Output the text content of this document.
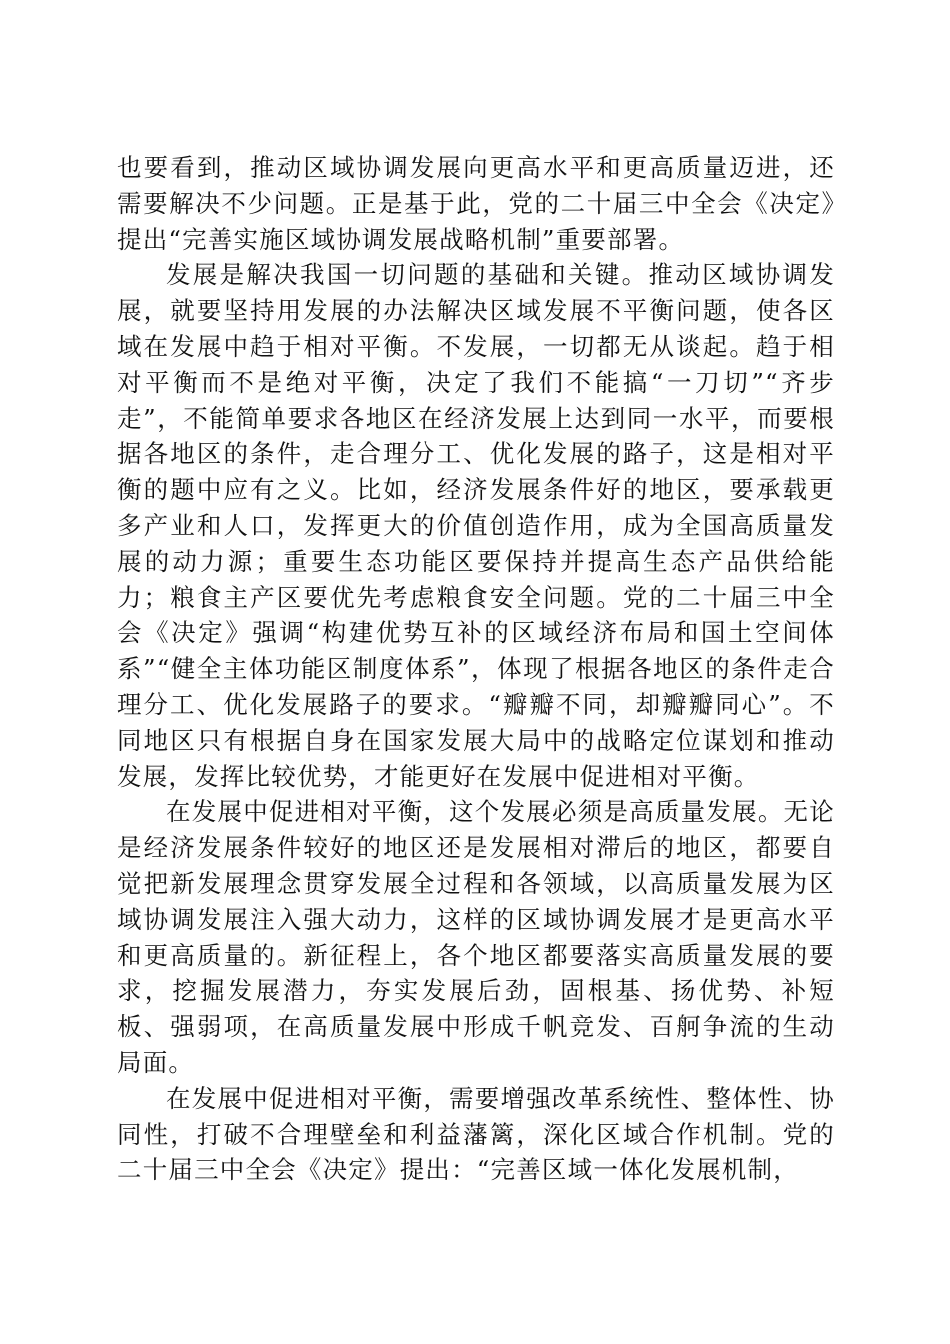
也要看到，推动区域协调发展向更高水平和更高质量迈进，还需要解决不少问题。正是基于此，党的二十届三中全会《决定》提出“完善实施区域协调发展战略机制”重要部署。

发展是解决我国一切问题的基础和关键。推动区域协调发展，就要坚持用发展的办法解决区域发展不平衡问题，使各区域在发展中趋于相对平衡。不发展，一切都无从谈起。趋于相对平衡而不是绝对平衡，决定了我们不能搞“一刀切”“齐步走”，不能简单要求各地区在经济发展上达到同一水平，而要根据各地区的条件，走合理分工、优化发展的路子，这是相对平衡的题中应有之义。比如，经济发展条件好的地区，要承载更多产业和人口，发挥更大的价值创造作用，成为全国高质量发展的动力源；重要生态功能区要保持并提高生态产品供给能力；粮食主产区要优先考虑粮食安全问题。党的二十届三中全会《决定》强调“构建优势互补的区域经济布局和国土空间体系”“健全主体功能区制度体系”，体现了根据各地区的条件走合理分工、优化发展路子的要求。“瓣瓣不同，却瓣瓣同心”。不同地区只有根据自身在国家发展大局中的战略定位谋划和推动发展，发挥比较优势，才能更好在发展中促进相对平衡。

在发展中促进相对平衡，这个发展必须是高质量发展。无论是经济发展条件较好的地区还是发展相对滞后的地区，都要自觉把新发展理念贯穿发展全过程和各领域，以高质量发展为区域协调发展注入强大动力，这样的区域协调发展才是更高水平和更高质量的。新征程上，各个地区都要落实高质量发展的要求，挖掘发展潜力，夯实发展后劲，固根基、扬优势、补短板、强弱项，在高质量发展中形成千帆竞发、百舸争流的生动局面。

在发展中促进相对平衡，需要增强改革系统性、整体性、协同性，打破不合理壁垒和利益藩篱，深化区域合作机制。党的二十届三中全会《决定》提出：“完善区域一体化发展机制，
